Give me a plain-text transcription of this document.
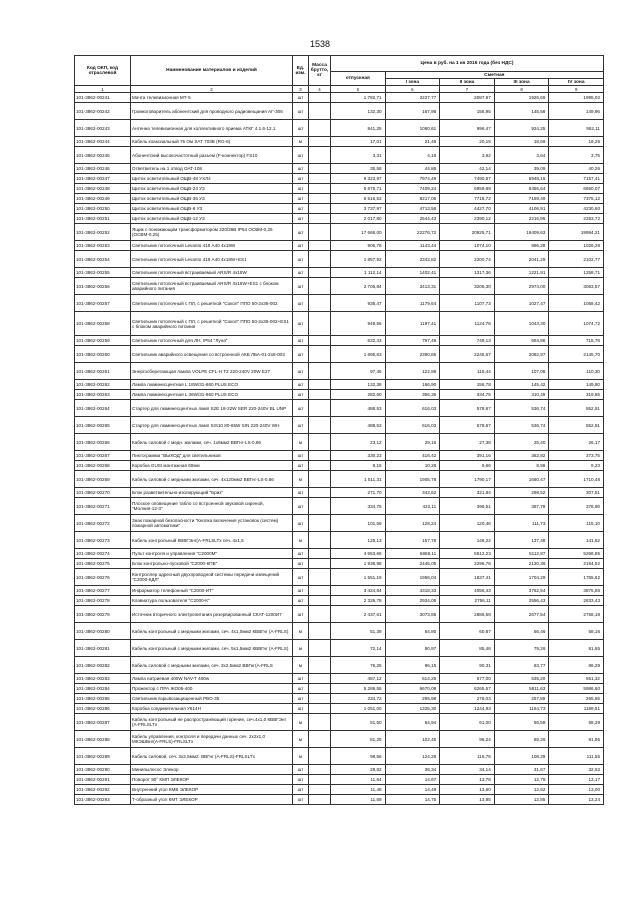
1538
Код ОКП, код отраслевой	Наименование материалов и изделий	Ед. изм.	Масса брутто, кг	Цена в руб. на 1 кв 2016 года (без НДС)				
				отпускная	Сметная			
					I зона	II зона	III зона	IV зона
1	2	3	4	5	6	7	8	9
101-3862-00241	Мачта телевизионная МТ-5	шт		1 782,71	2227,77	2087,97	1926,69	1995,02
101-3862-00242	Громкоговоритель абонентский для проводного радиовещания АГ-306	шт		132,30	167,98	156,95	145,58	149,96
101-3862-00243	Антенна телевизионная для коллективного приема АТКГ 4.1.6-12.1	шт		841,25	1060,61	996,47	924,25	952,11
101-3862-00244	Кабель коаксиальный 75 Ом SAT 703B (RG-6)	м		17,01	21,45	20,15	18,69	19,25
101-3862-00245	Абонентский высокочастотный разъем (F-коннектор) FS10	шт		3,31	4,18	3,92	3,64	3,75
101-3862-00246	Ответвитель на 1 отвод OAT-108	шт		35,58	44,86	42,14	39,09	40,26
101-3862-00247	Щиток осветительный ОЩВ-48 УХЛ4	шт		6 323,97	7974,49	7490,87	6948,15	7157,41
101-3862-00248	Щиток осветительный ОЩВ-24 УЗ	шт		5 875,71	7409,24	6959,89	6455,64	6650,07
101-3862-00249	Щиток осветительный ОЩВ-36 УЗ	шт		6 516,53	8217,05	7718,72	7159,49	7375,12
101-3862-00250	Щиток осветительный ОЩВ-6 УЗ	шт		3 737,97	4713,56	4427,70	4106,91	4230,60
101-3862-00251	Щиток осветительный ОЩВ-12 УЗ	шт		2 017,80	2544,43	2390,12	2216,95	2283,72
101-3862-00252	Ящик с понижающим трансформатором 220/36В IP54 ОСВМ-0,25 (ОСВМ-0,25)	шт		17 666,00	22276,72	20925,71	19409,63	19994,21
101-3862-00253	Светильник потолочный Levanto 418 А40 4x18W	шт		906,78	1143,44	1074,10	996,28	1026,28
101-3862-00254	Светильник потолочный Levanto 418 А40 4x18W+ES1	шт		1 857,92	2342,82	2200,74	2041,29	2102,77
101-3862-00255	Светильник потолочный встраиваемый ARS/R 4x18W	шт		1 112,14	1402,41	1317,36	1221,91	1258,71
101-3862-00256	Светильник потолочный встраиваемый ARS/R 4x18W+ES1 с блоком аварийного питания	шт		2 706,84	3413,31	3206,30	2974,00	3063,57
101-3862-00257	Светильник потолочный с ПЛ, с решеткой "Сокол" ППО 50-2х36-002	шт		935,47	1179,64	1107,73	1027,47	1058,42
101-3862-00258	Светильник потолочный с ПЛ, с решеткой "Сокол" ППО 50-2х36-002+ES1 с блоком аварийного питания	шт		949,56	1197,41	1124,76	1043,30	1074,72
101-3862-00259	Светильник потолочный для ЛН, IP54 "Луна"	шт		632,43	797,49	749,13	694,86	715,78
101-3862-00260	Светильник аварийного освещения со встроенной АКБ ЛБА-01-2х8-003	шт		1 895,63	2390,65	2245,67	2082,97	2145,70
101-3862-00261	Энергосберегающая лампа VOLPE CFL-H T2 220-240V 20W E27	шт		97,46	122,89	115,44	107,08	110,30
101-3862-00262	Лампа люминесцентная L 18W/31-860 PLUS ECO	шт		132,36	166,90	156,78	145,42	149,80
101-3862-00263	Лампа люминесцентная L 36W/31-860 PLUS ECO	шт		282,60	356,36	334,75	310,49	319,85
101-3862-00264	Стартер для люминесцентных ламп S2E 18-22W SER 220-240V BL UNP	шт		488,53	616,03	578,67	536,74	552,91
101-3862-00265	Стартер для люминесцентных ламп SIS10 80-65W SIN 220-240V WH	шт		488,53	616,03	578,67	536,74	552,91
101-3862-00266	Кабель силовой с медн. жилами, сеч. 1х6мм2 ВВГнг-LS-0,66	м		23,12	29,15	27,38	25,40	26,17
101-3862-00267	Пиктограмма "ВЫХОД" для светильников	шт		330,23	416,42	391,16	362,82	373,75
101-3862-00268	Коробка GUSI монтажная 60мм	шт		8,15	10,28	9,66	8,96	9,23
101-3862-00269	Кабель силовой с медными жилами, сеч. 4х120мм2 ВВГнг-LS-0,66	м		1 511,31	1905,78	1790,17	1660,47	1710,48
101-3862-00270	Блок разветвительно-изолирующий "Бриз"	шт		271,70	342,62	321,84	298,52	307,51
101-3862-00271	Плоское оповещение табло со встроенной звуковой сиреной, "Молния-12-3"	шт		334,75	422,11	396,51	367,79	378,86
101-3862-00272	Знак пожарной безопасности "Кнопка включения установок (систем) пожарной автоматики"	шт		101,59	128,24	120,46	111,73	115,10
101-3862-00273	Кабель контрольный КВВГЭнг(А-FRLSLTx сеч. 4х1,5	м		125,13	157,78	148,22	137,48	141,62
101-3862-00274	Пульт контроля и управления "С2000М"	шт		4 653,66	5868,11	5512,23	5112,87	5266,85
101-3862-00275	Блок контрольно-пусковой "С2000-КПБ"	шт		1 938,98	2445,05	2296,76	2130,36	2194,52
101-3862-00276	Контроллер адресный двухпроводной системы передачи извещений "С2000-КДЛ"	шт		1 551,19	1956,04	1837,41	1704,29	1755,62
101-3862-00277	Информатор телефонный "С2000-ИТ"	шт		3 424,54	4318,33	4056,43	3762,54	3875,86
101-3862-00278	Клавиатура пользователя "С2000-К"	шт		2 326,78	2934,05	2756,11	2556,43	2633,43
101-3862-00279	Источник вторичного электропитания резервированный СКАТ-1200И7	шт		2 437,61	3073,85	2886,58	2677,54	2758,18
101-3862-00280	Кабель контрольный с медными жилами, сеч. 4х1,0мм2 КВВГнг (А-FRLS)	м		51,39	64,80	60,87	56,46	58,16
101-3862-00281	Кабель контрольный с медными жилами, сеч. 5х1,5мм2 КВВГнг (А-FRLS)	м		72,14	90,97	85,46	79,26	81,65
101-3862-00282	Кабель силовой с медными жилами, сеч. 3х2,5мм2 ВВГнг(А-FRLS	м		76,25	96,15	90,31	83,77	86,29
101-3862-00283	Лампа натриевая 400W NAV-T 400w	шт		487,12	614,25	577,00	535,20	551,32
101-3862-00284	Прожектор с ПРА ЖО05-400	шт		5 289,55	6670,09	6265,57	5811,63	5986,60
101-3862-00285	Светильник взрывозащищенный РВО-35	шт		234,72	295,98	278,03	257,89	265,65
101-3862-00286	Коробка соединительная У614Н	шт		1 051,00	1325,30	1244,93	1154,73	1189,51
101-3862-00287	Кабель контрольный не распространяющий горение, сеч.4х1,0 КВВГЭнг (А-FRLSLTx	м		51,50	64,94	61,00	56,58	58,29
101-3862-00288	Кабель управления, контроля и передачи данных сеч. 2х2х1,0 МКЭШВнг(А-FRLS)-FRLSLTx	м		81,25	102,45	96,24	89,26	91,95
101-3862-00289	Кабель силовой, сеч. 3х2,5мм2. ВВГнг (А-FRLS)-FRLSLTx	м		98,56	124,28	116,75	108,29	111,55
101-3862-00290	Минипылесос Элекор	шт		28,82	36,34	34,14	31,67	32,62
101-3862-00291	Поворот 90° КМП ЭЛЕКОР	шт		11,64	14,67	13,78	12,78	13,17
101-3862-00292	Внутренний угол КМВ ЭЛЕКОР	шт		11,48	14,48	13,60	12,62	13,00
101-3862-00293	Т-образный угол КМТ ЭЛЕКОР	шт		11,69	14,75	13,85	12,85	13,24
